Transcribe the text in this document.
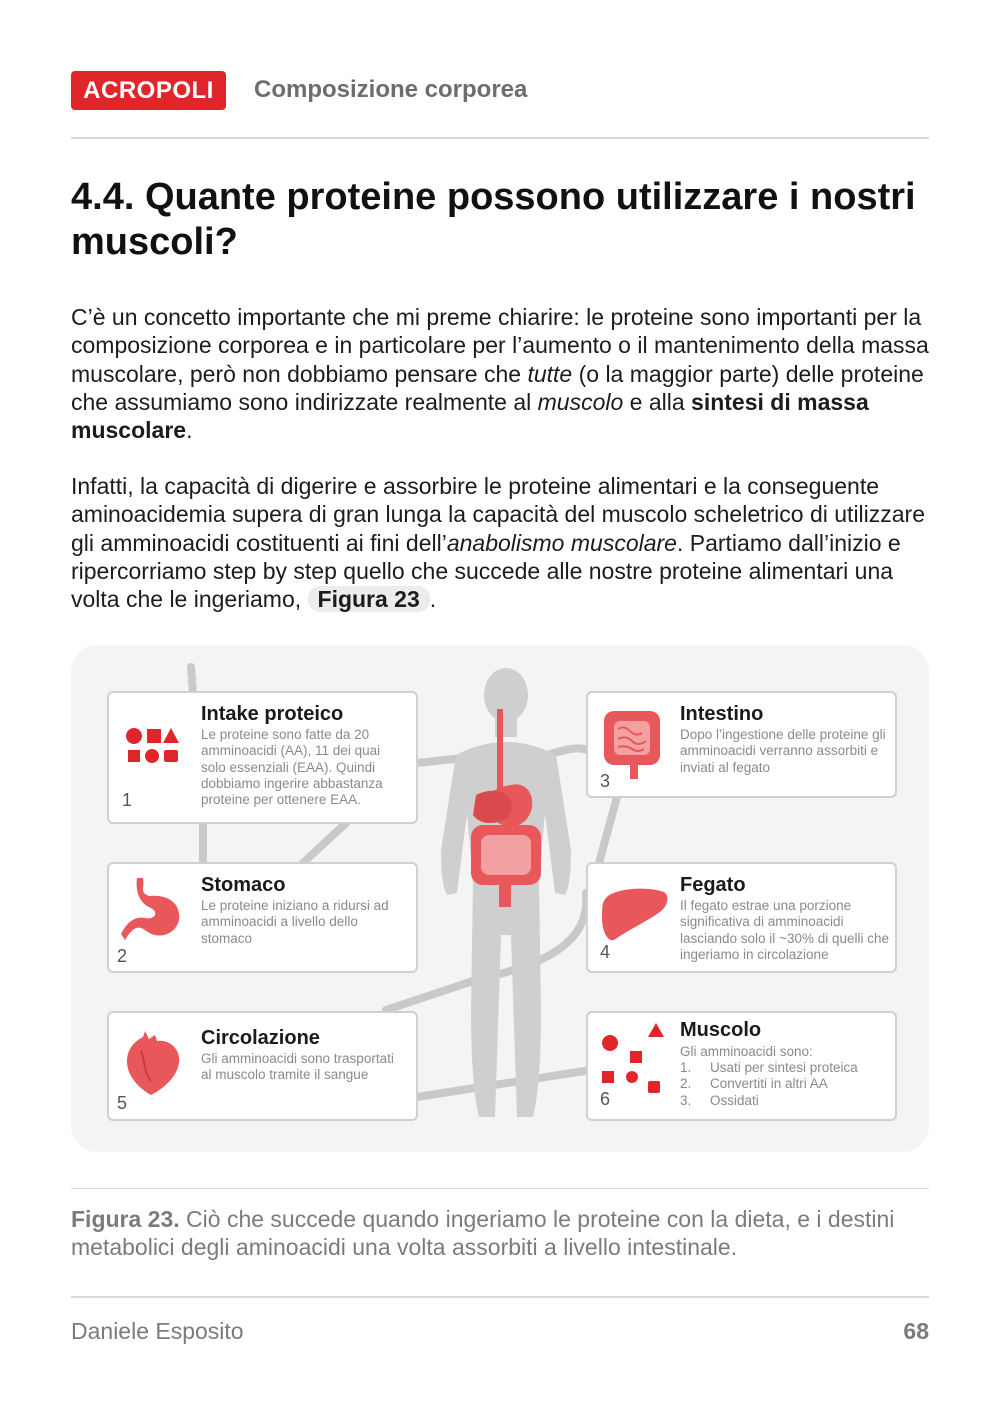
ACROPOLI	Composizione corporea
4.4. Quante proteine possono utilizzare i nostri muscoli?

C’è un concetto importante che mi preme chiarire: le proteine sono importanti per la composizione corporea e in particolare per l’aumento o il mantenimento della massa muscolare, però non dobbiamo pensare che tutte (o la maggior parte) delle proteine che assumiamo sono indirizzate realmente al muscolo e alla sintesi di massa muscolare.

Infatti, la capacità di digerire e assorbire le proteine alimentari e la conseguente aminoacidemia supera di gran lunga la capacità del muscolo scheletrico di utilizzare gli amminoacidi costituenti ai fini dell’anabolismo muscolare. Partiamo dall’inizio e ripercorriamo step by step quello che succede alle nostre proteine alimentari una volta che le ingeriamo, Figura 23 .

1
Intake proteico
Le proteine sono fatte da 20 amminoacidi (AA), 11 dei quai solo essenziali (EAA). Quindi dobbiamo ingerire abbastanza proteine per ottenere EAA.
2
Stomaco
Le proteine iniziano a ridursi ad amminoacidi a livello dello stomaco
5
Circolazione
Gli amminoacidi sono trasportati al muscolo tramite il sangue
3
Intestino
Dopo l’ingestione delle proteine gli amminoacidi verranno assorbiti e inviati al fegato
4
Fegato
Il fegato estrae una porzione significativa di amminoacidi lasciando solo il ~30% di quelli che ingeriamo in circolazione
6
Muscolo
Gli amminoacidi sono:
1. Usati per sintesi proteica
2. Convertiti in altri AA
3. Ossidati

Figura 23. Ciò che succede quando ingeriamo le proteine con la dieta, e i destini metabolici degli aminoacidi una volta assorbiti a livello intestinale.

Daniele Esposito	68
